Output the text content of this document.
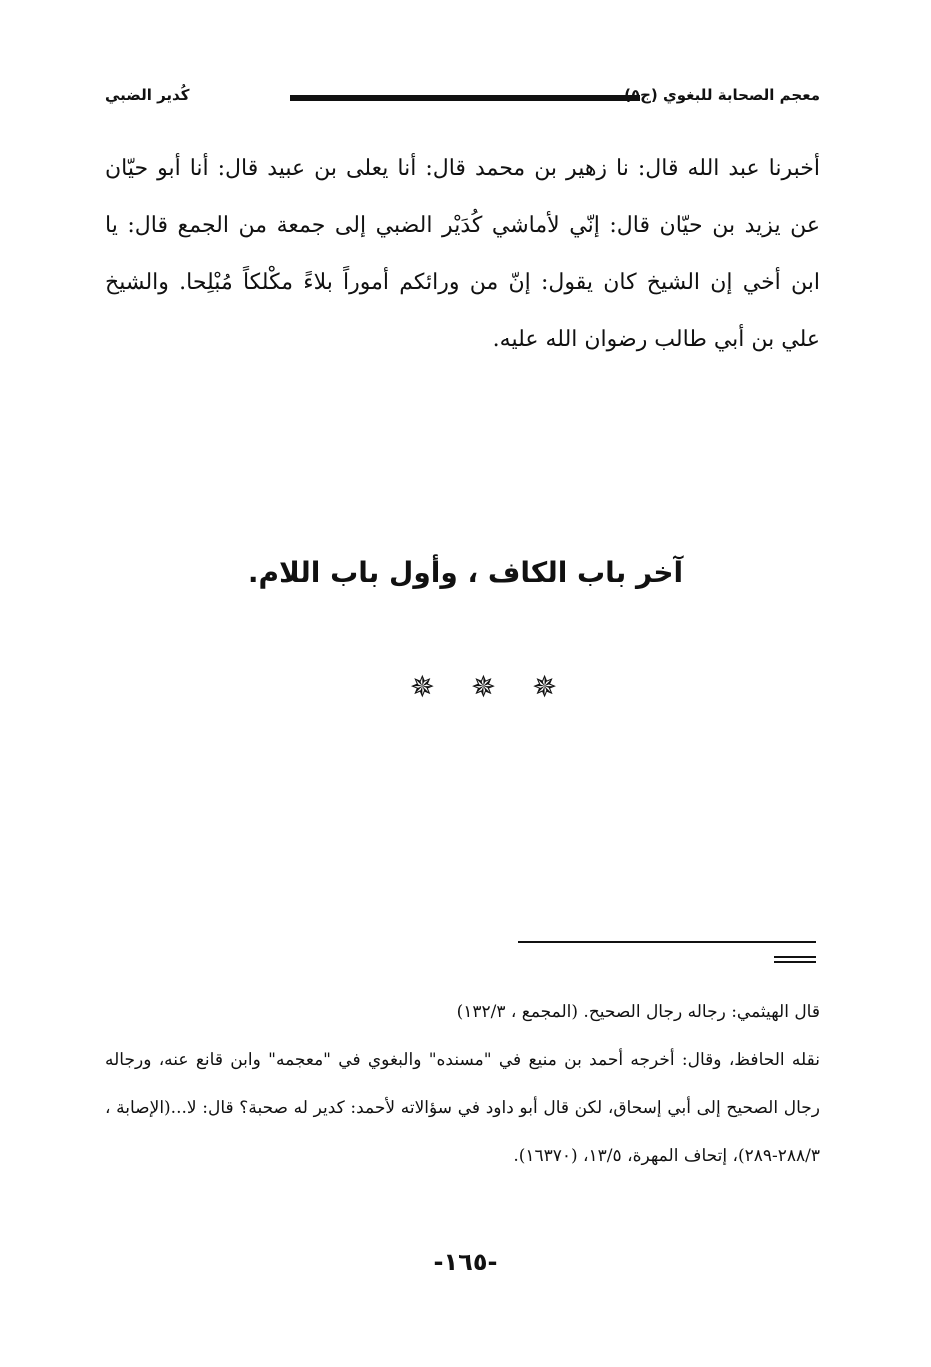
معجم الصحابة للبغوي (ج
كُدير الضبي
أخبرنا عبد الله قال: نا زهير بن محمد قال: أنا يعلى بن عبيد قال: أنا أبو حيّان عن يزيد بن حيّان قال: إنّي لأماشي كُدَيْر الضبي إلى جمعة من الجمع قال: يا ابن أخي إن الشيخ كان يقول: إنّ من ورائكم أموراً بلاءً مكْلكاً مُبْلِحا. والشيخ علي بن أبي طالب رضوان الله عليه.
آخر باب الكاف ، وأول باب اللام.
✵✵✵
قال الهيثمي: رجاله رجال الصحيح. (المجمع ، ١٣٢/٣)
نقله الحافظ، وقال: أخرجه أحمد بن منيع في "مسنده" والبغوي في "معجمه" وابن قانع عنه، ورجاله رجال الصحيح إلى أبي إسحاق، لكن قال أبو داود في سؤالاته لأحمد: كدير له صحبة؟ قال: لا...(الإصابة ، ٢٨٨/٣-٢٨٩)، إتحاف المهرة، ١٣/٥، (١٦٣٧٠).
-١٦٥-
